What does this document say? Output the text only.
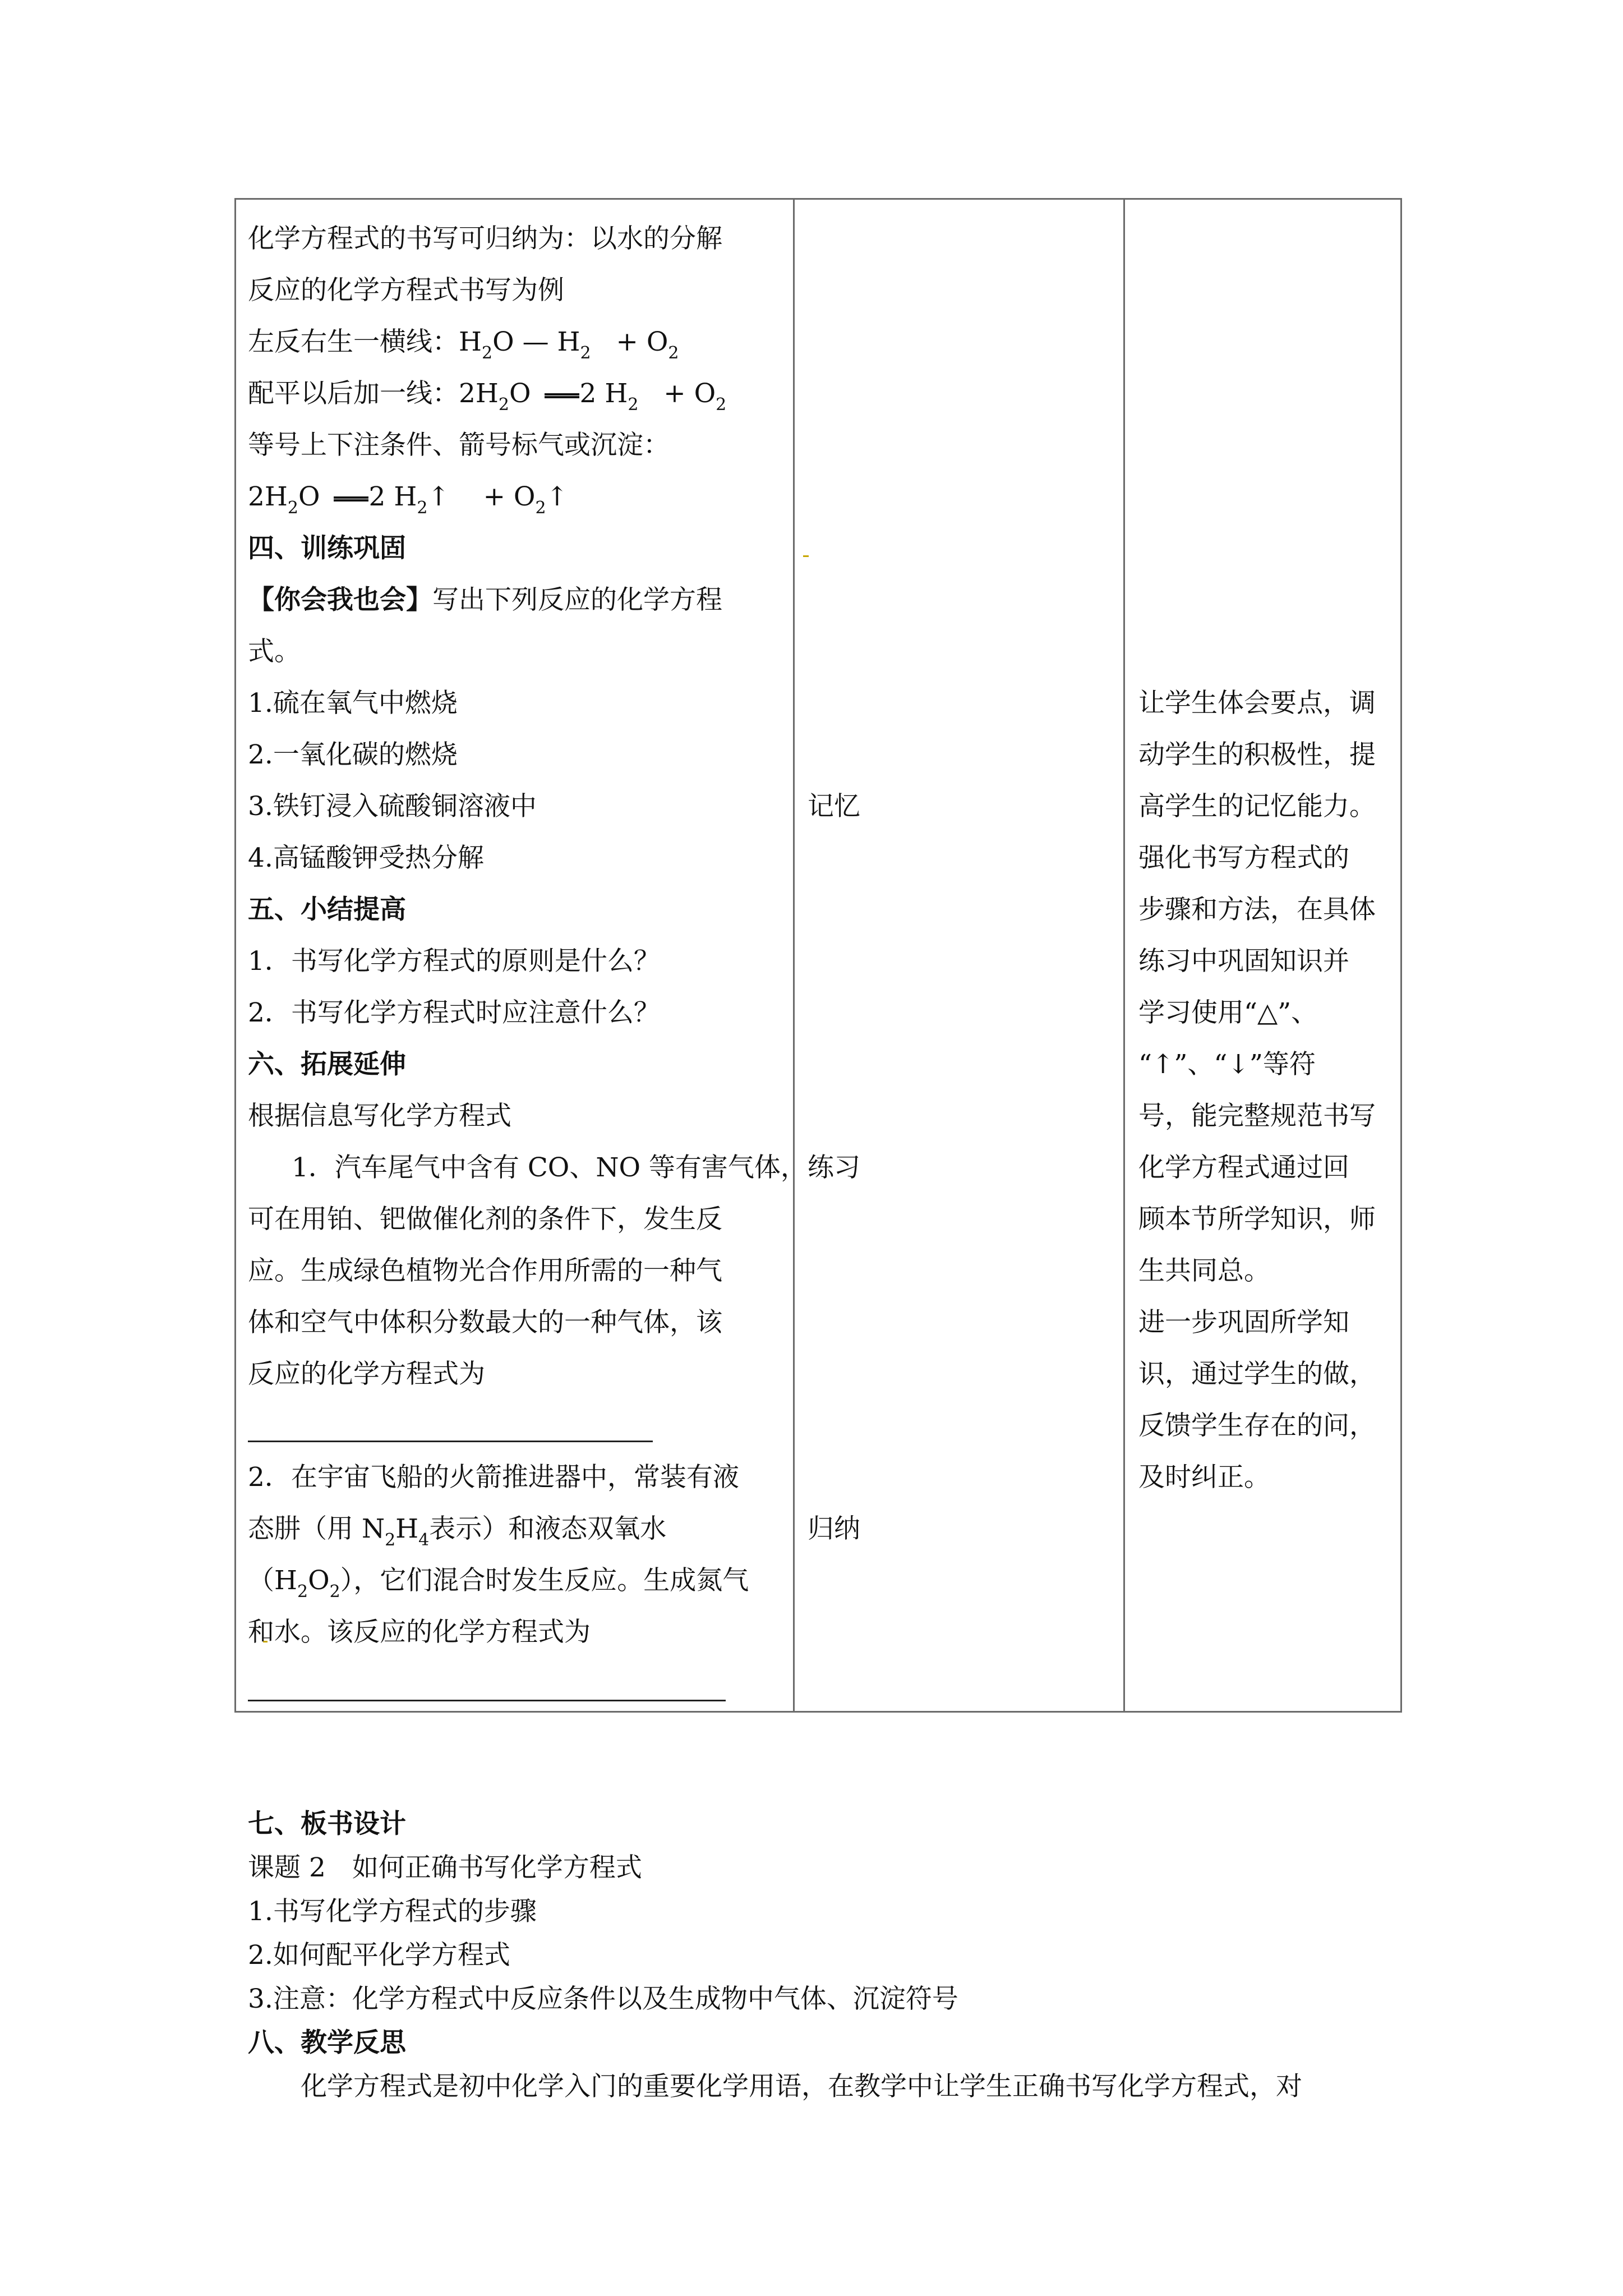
化学方程式的书写可归纳为：以水的分解
反应的化学方程式书写为例
左反右生一横线：$H_2O$ — $H_2 + O_2$
配平以后加一线：$2H_2O$ 2 $H_2 + O_2$
等号上下注条件、箭号标气或沉淀：
$2H_2O$ 2 $H_2↑$ + $O_2↑$
四、训练巩固
【你会我也会】写出下列反应的化学方程
式。
1.硫在氧气中燃烧
2.一氧化碳的燃烧
3.铁钉浸入硫酸铜溶液中
4.高锰酸钾受热分解
五、小结提高
1．书写化学方程式的原则是什么？
2．书写化学方程式时应注意什么？
六、拓展延伸
根据信息写化学方程式
1．汽车尾气中含有 CO、NO 等有害气体，
可在用铂、钯做催化剂的条件下，发生反
应。生成绿色植物光合作用所需的一种气
体和空气中体积分数最大的一种气体，该
反应的化学方程式为
2．在宇宙飞船的火箭推进器中，常装有液
态肼（用 $N_2H_4$表示）和液态双氧水
$(H_2O_2)$，它们混合时发生反应。生成氮气
和水。该反应的化学方程式为
记忆
练习
归纳
让学生体会要点，调
动学生的积极性，提
高学生的记忆能力。
强化书写方程式的
步骤和方法，在具体
练习中巩固知识并
学习使用“△”、
“↑”、“↓”等符
号，能完整规范书写
化学方程式通过回
顾本节所学知识，师
生共同总。
进一步巩固所学知
识，通过学生的做，
反馈学生存在的问，
及时纠正。
七、板书设计
课题 2　如何正确书写化学方程式
1.书写化学方程式的步骤
2.如何配平化学方程式
3.注意：化学方程式中反应条件以及生成物中气体、沉淀符号
八、教学反思
化学方程式是初中化学入门的重要化学用语，在教学中让学生正确书写化学方程式，对
